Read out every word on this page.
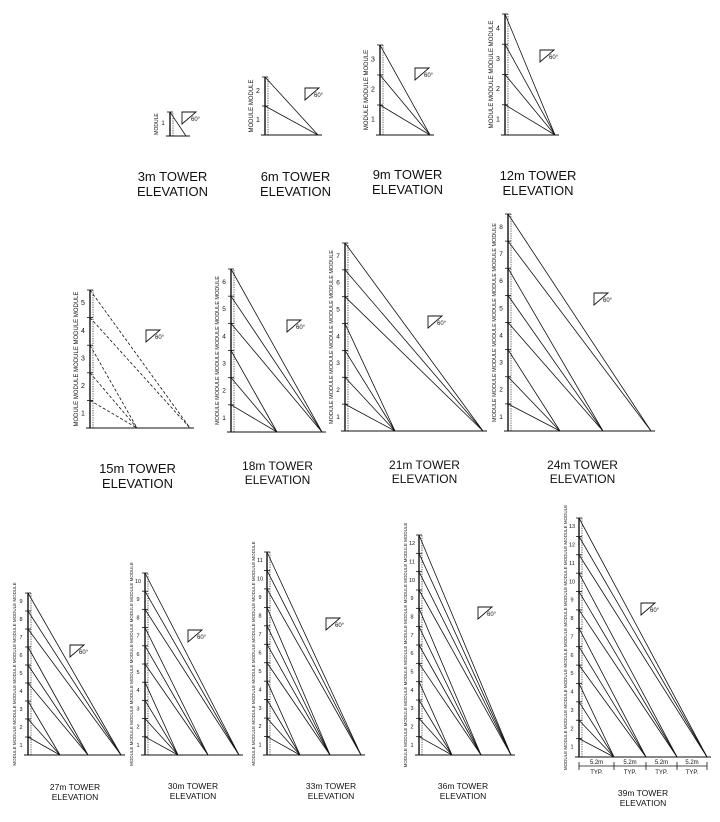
1
MODULE	60°	1
2
MODULE MODULE	60°
1
2
3
MODULE MODULE MODULE	60°
1
2
3
4
MODULE MODULE MODULE MODULE	60°
1
2
3
4
5
MODULE MODULE MODULE MODULE MODULE	60°
1
2
3
4
5
6
MODULE MODULE MODULE MODULE MODULE MODULE	60°
1
2
3
4
5
6
7
MODULE MODULE MODULE MODULE MODULE MODULE MODULE	60°
1
2
3
4
5
6
7
8
MODULE MODULE MODULE MODULE MODULE MODULE MODULE MODULE	60°
1
2
3
4
5
6
7
8
9
MODULE MODULE MODULE MODULE MODULE MODULE MODULE MODULE MODULE	60°
1
2
3
4
5
6
7
8
9
10
MODULE MODULE MODULE MODULE MODULE MODULE MODULE MODULE MODULE MODULE	60°
1
2
3
4
5
6
7
8
9
10
11
MODULE MODULE MODULE MODULE MODULE MODULE MODULE MODULE MODULE MODULE MODULE	60°
1
2
3
4
5
6
7
8
9
10
11
12
MODULE MODULE MODULE MODULE MODULE MODULE MODULE MODULE MODULE MODULE MODULE MODULE	60°
1
2
3
4
5
6
7
8
9
10
11
12
13
MODULE MODULE MODULE MODULE MODULE MODULE MODULE MODULE MODULE MODULE MODULE MODULE MODULE	60°
5.2m
TYP.
5.2m
TYP.
5.2m
TYP.
5.2m
TYP.
3m TOWER
ELEVATION
6m TOWER
ELEVATION
9m TOWER
ELEVATION
12m TOWER
ELEVATION
15m TOWER
ELEVATION
18m TOWER
ELEVATION
21m TOWER
ELEVATION
24m TOWER
ELEVATION
27m TOWER
ELEVATION
30m TOWER
ELEVATION
33m TOWER
ELEVATION
36m TOWER
ELEVATION	39m TOWER
ELEVATION
